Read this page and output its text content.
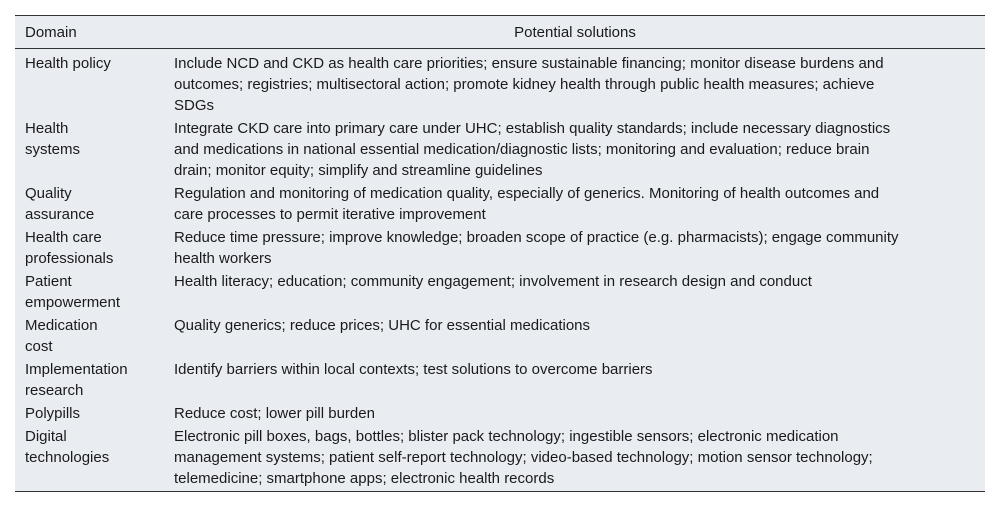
Domain	Potential solutions
Health policy	Include NCD and CKD as health care priorities; ensure sustainable financing; monitor disease burdens and
outcomes; registries; multisectoral action; promote kidney health through public health measures; achieve
SDGs
Health
systems	Integrate CKD care into primary care under UHC; establish quality standards; include necessary diagnostics
and medications in national essential medication/diagnostic lists; monitoring and evaluation; reduce brain
drain; monitor equity; simplify and streamline guidelines
Quality
assurance	Regulation and monitoring of medication quality, especially of generics. Monitoring of health outcomes and
care processes to permit iterative improvement
Health care
professionals	Reduce time pressure; improve knowledge; broaden scope of practice (e.g. pharmacists); engage community
health workers
Patient
empowerment	Health literacy; education; community engagement; involvement in research design and conduct
Medication
cost	Quality generics; reduce prices; UHC for essential medications
Implementation
research	Identify barriers within local contexts; test solutions to overcome barriers
Polypills	Reduce cost; lower pill burden
Digital
technologies	Electronic pill boxes, bags, bottles; blister pack technology; ingestible sensors; electronic medication
management systems; patient self-report technology; video-based technology; motion sensor technology;
telemedicine; smartphone apps; electronic health records
